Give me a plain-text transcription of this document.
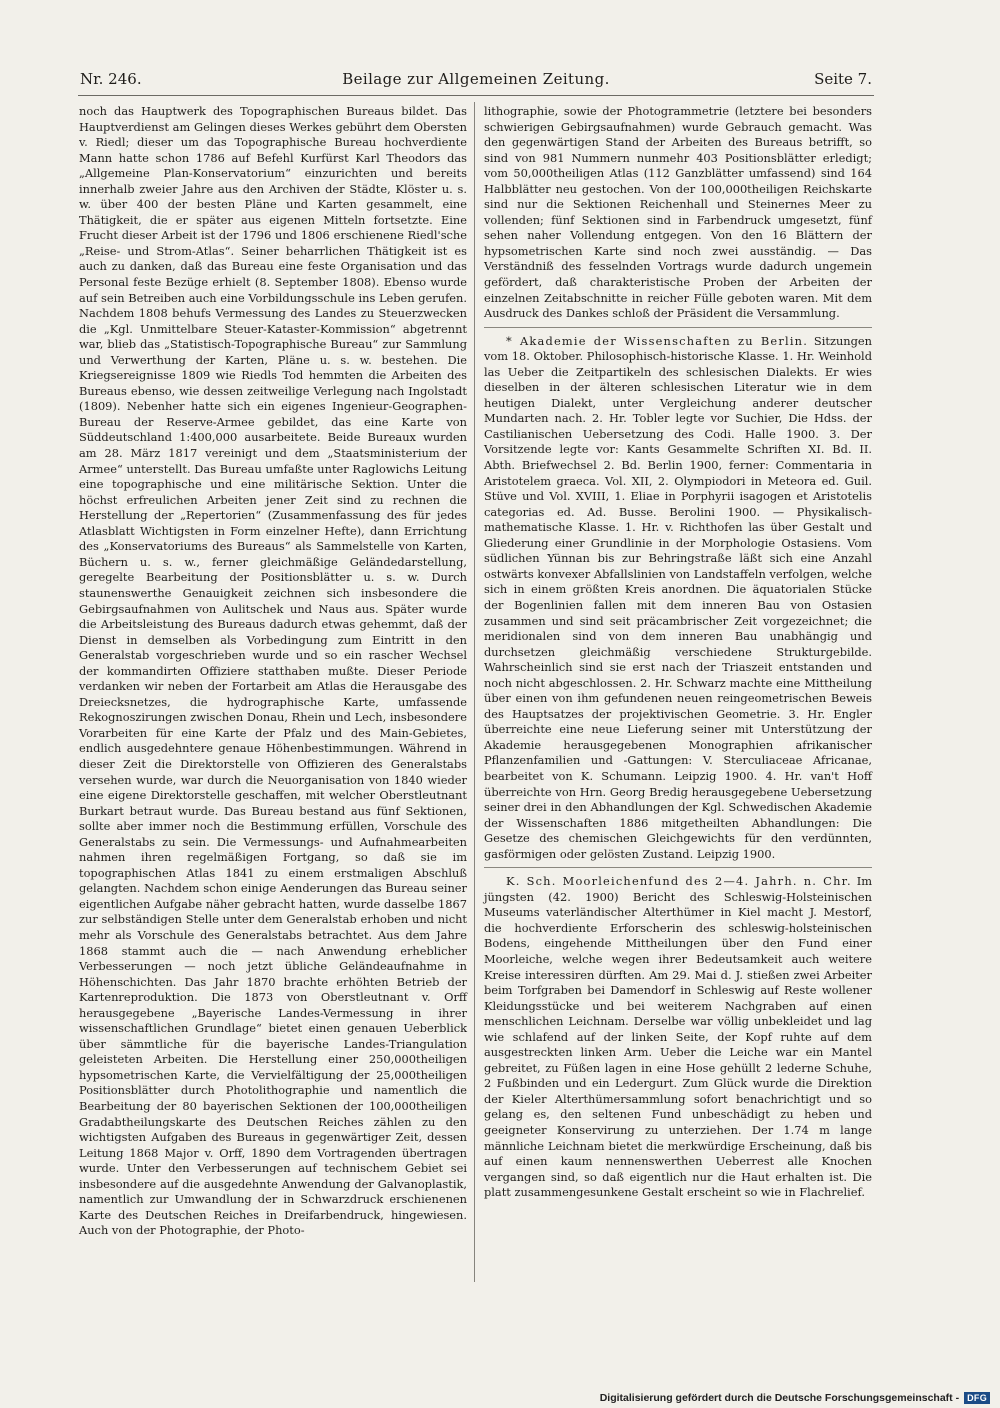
Nr. 246.	Beilage zur Allgemeinen Zeitung.	Seite 7.

noch das Hauptwerk des Topographischen Bureaus bildet. Das Hauptverdienst am Gelingen dieses Werkes gebührt dem Obersten v. Riedl; dieser um das Topographische Bureau hochverdiente Mann hatte schon 1786 auf Befehl Kurfürst Karl Theodors das „Allgemeine Plan-Konservatorium“ einzurichten und bereits innerhalb zweier Jahre aus den Archiven der Städte, Klöster u. s. w. über 400 der besten Pläne und Karten gesammelt, eine Thätigkeit, die er später aus eigenen Mitteln fortsetzte. Eine Frucht dieser Arbeit ist der 1796 und 1806 erschienene Riedl'sche „Reise- und Strom-Atlas“. Seiner beharrlichen Thätigkeit ist es auch zu danken, daß das Bureau eine feste Organisation und das Personal feste Bezüge erhielt (8. September 1808). Ebenso wurde auf sein Betreiben auch eine Vorbildungsschule ins Leben gerufen. Nachdem 1808 behufs Vermessung des Landes zu Steuerzwecken die „Kgl. Unmittelbare Steuer-Kataster-Kommission“ abgetrennt war, blieb das „Statistisch-Topographische Bureau“ zur Sammlung und Verwerthung der Karten, Pläne u. s. w. bestehen. Die Kriegsereignisse 1809 wie Riedls Tod hemmten die Arbeiten des Bureaus ebenso, wie dessen zeitweilige Verlegung nach Ingolstadt (1809). Nebenher hatte sich ein eigenes Ingenieur-Geographen-Bureau der Reserve-Armee gebildet, das eine Karte von Süddeutschland 1:400,000 ausarbeitete. Beide Bureaux wurden am 28. März 1817 vereinigt und dem „Staatsministerium der Armee“ unterstellt. Das Bureau umfaßte unter Raglowichs Leitung eine topographische und eine militärische Sektion. Unter die höchst erfreulichen Arbeiten jener Zeit sind zu rechnen die Herstellung der „Repertorien“ (Zusammenfassung des für jedes Atlasblatt Wichtigsten in Form einzelner Hefte), dann Errichtung des „Konservatoriums des Bureaus“ als Sammelstelle von Karten, Büchern u. s. w., ferner gleichmäßige Geländedarstellung, geregelte Bearbeitung der Positionsblätter u. s. w. Durch staunenswerthe Genauigkeit zeichnen sich insbesondere die Gebirgsaufnahmen von Aulitschek und Naus aus. Später wurde die Arbeitsleistung des Bureaus dadurch etwas gehemmt, daß der Dienst in demselben als Vorbedingung zum Eintritt in den Generalstab vorgeschrieben wurde und so ein rascher Wechsel der kommandirten Offiziere statthaben mußte. Dieser Periode verdanken wir neben der Fortarbeit am Atlas die Herausgabe des Dreiecksnetzes, die hydrographische Karte, umfassende Rekognoszirungen zwischen Donau, Rhein und Lech, insbesondere Vorarbeiten für eine Karte der Pfalz und des Main-Gebietes, endlich ausgedehntere genaue Höhenbestimmungen. Während in dieser Zeit die Direktorstelle von Offizieren des Generalstabs versehen wurde, war durch die Neuorganisation von 1840 wieder eine eigene Direktorstelle geschaffen, mit welcher Oberstleutnant Burkart betraut wurde. Das Bureau bestand aus fünf Sektionen, sollte aber immer noch die Bestimmung erfüllen, Vorschule des Generalstabs zu sein. Die Vermessungs- und Aufnahmearbeiten nahmen ihren regelmäßigen Fortgang, so daß sie im topographischen Atlas 1841 zu einem erstmaligen Abschluß gelangten. Nachdem schon einige Aenderungen das Bureau seiner eigentlichen Aufgabe näher gebracht hatten, wurde dasselbe 1867 zur selbständigen Stelle unter dem Generalstab erhoben und nicht mehr als Vorschule des Generalstabs betrachtet. Aus dem Jahre 1868 stammt auch die — nach Anwendung erheblicher Verbesserungen — noch jetzt übliche Geländeaufnahme in Höhenschichten. Das Jahr 1870 brachte erhöhten Betrieb der Kartenreproduktion. Die 1873 von Oberstleutnant v. Orff herausgegebene „Bayerische Landes-Vermessung in ihrer wissenschaftlichen Grundlage“ bietet einen genauen Ueberblick über sämmtliche für die bayerische Landes-Triangulation geleisteten Arbeiten. Die Herstellung einer 250,000theiligen hypsometrischen Karte, die Vervielfältigung der 25,000theiligen Positionsblätter durch Photolithographie und namentlich die Bearbeitung der 80 bayerischen Sektionen der 100,000theiligen Gradabtheilungskarte des Deutschen Reiches zählen zu den wichtigsten Aufgaben des Bureaus in gegenwärtiger Zeit, dessen Leitung 1868 Major v. Orff, 1890 dem Vortragenden übertragen wurde. Unter den Verbesserungen auf technischem Gebiet sei insbesondere auf die ausgedehnte Anwendung der Galvanoplastik, namentlich zur Umwandlung der in Schwarzdruck erschienenen Karte des Deutschen Reiches in Dreifarbendruck, hingewiesen. Auch von der Photographie, der Photo-

lithographie, sowie der Photogrammetrie (letztere bei besonders schwierigen Gebirgsaufnahmen) wurde Gebrauch gemacht. Was den gegenwärtigen Stand der Arbeiten des Bureaus betrifft, so sind von 981 Nummern nunmehr 403 Positionsblätter erledigt; vom 50,000theiligen Atlas (112 Ganzblätter umfassend) sind 164 Halbblätter neu gestochen. Von der 100,000theiligen Reichskarte sind nur die Sektionen Reichenhall und Steinernes Meer zu vollenden; fünf Sektionen sind in Farbendruck umgesetzt, fünf sehen naher Vollendung entgegen. Von den 16 Blättern der hypsometrischen Karte sind noch zwei ausständig. — Das Verständniß des fesselnden Vortrags wurde dadurch ungemein gefördert, daß charakteristische Proben der Arbeiten der einzelnen Zeitabschnitte in reicher Fülle geboten waren. Mit dem Ausdruck des Dankes schloß der Präsident die Versammlung.

* Akademie der Wissenschaften zu Berlin. Sitzungen vom 18. Oktober. Philosophisch-historische Klasse. 1. Hr. Weinhold las Ueber die Zeitpartikeln des schlesischen Dialekts. Er wies dieselben in der älteren schlesischen Literatur wie in dem heutigen Dialekt, unter Vergleichung anderer deutscher Mundarten nach. 2. Hr. Tobler legte vor Suchier, Die Hdss. der Castilianischen Uebersetzung des Codi. Halle 1900. 3. Der Vorsitzende legte vor: Kants Gesammelte Schriften XI. Bd. II. Abth. Briefwechsel 2. Bd. Berlin 1900, ferner: Commentaria in Aristotelem graeca. Vol. XII, 2. Olympiodori in Meteora ed. Guil. Stüve und Vol. XVIII, 1. Eliae in Porphyrii isagogen et Aristotelis categorias ed. Ad. Busse. Berolini 1900. — Physikalisch-mathematische Klasse. 1. Hr. v. Richthofen las über Gestalt und Gliederung einer Grundlinie in der Morphologie Ostasiens. Vom südlichen Yünnan bis zur Behringstraße läßt sich eine Anzahl ostwärts konvexer Abfallslinien von Landstaffeln verfolgen, welche sich in einem größten Kreis anordnen. Die äquatorialen Stücke der Bogenlinien fallen mit dem inneren Bau von Ostasien zusammen und sind seit präcambrischer Zeit vorgezeichnet; die meridionalen sind von dem inneren Bau unabhängig und durchsetzen gleichmäßig verschiedene Strukturgebilde. Wahrscheinlich sind sie erst nach der Triaszeit entstanden und noch nicht abgeschlossen. 2. Hr. Schwarz machte eine Mittheilung über einen von ihm gefundenen neuen reingeometrischen Beweis des Hauptsatzes der projektivischen Geometrie. 3. Hr. Engler überreichte eine neue Lieferung seiner mit Unterstützung der Akademie herausgegebenen Monographien afrikanischer Pflanzenfamilien und -Gattungen: V. Sterculiaceae Africanae, bearbeitet von K. Schumann. Leipzig 1900. 4. Hr. van't Hoff überreichte von Hrn. Georg Bredig herausgegebene Uebersetzung seiner drei in den Abhandlungen der Kgl. Schwedischen Akademie der Wissenschaften 1886 mitgetheilten Abhandlungen: Die Gesetze des chemischen Gleichgewichts für den verdünnten, gasförmigen oder gelösten Zustand. Leipzig 1900.

K. Sch. Moorleichenfund des 2—4. Jahrh. n. Chr. Im jüngsten (42. 1900) Bericht des Schleswig-Holsteinischen Museums vaterländischer Alterthümer in Kiel macht J. Mestorf, die hochverdiente Erforscherin des schleswig-holsteinischen Bodens, eingehende Mittheilungen über den Fund einer Moorleiche, welche wegen ihrer Bedeutsamkeit auch weitere Kreise interessiren dürften. Am 29. Mai d. J. stießen zwei Arbeiter beim Torfgraben bei Damendorf in Schleswig auf Reste wollener Kleidungsstücke und bei weiterem Nachgraben auf einen menschlichen Leichnam. Derselbe war völlig unbekleidet und lag wie schlafend auf der linken Seite, der Kopf ruhte auf dem ausgestreckten linken Arm. Ueber die Leiche war ein Mantel gebreitet, zu Füßen lagen in eine Hose gehüllt 2 lederne Schuhe, 2 Fußbinden und ein Ledergurt. Zum Glück wurde die Direktion der Kieler Alterthümersammlung sofort benachrichtigt und so gelang es, den seltenen Fund unbeschädigt zu heben und geeigneter Konservirung zu unterziehen. Der 1.74 m lange männliche Leichnam bietet die merkwürdige Erscheinung, daß bis auf einen kaum nennenswerthen Ueberrest alle Knochen vergangen sind, so daß eigentlich nur die Haut erhalten ist. Die platt zusammengesunkene Gestalt erscheint so wie in Flachrelief.

Digitalisierung gefördert durch die Deutsche Forschungsgemeinschaft - DFG
